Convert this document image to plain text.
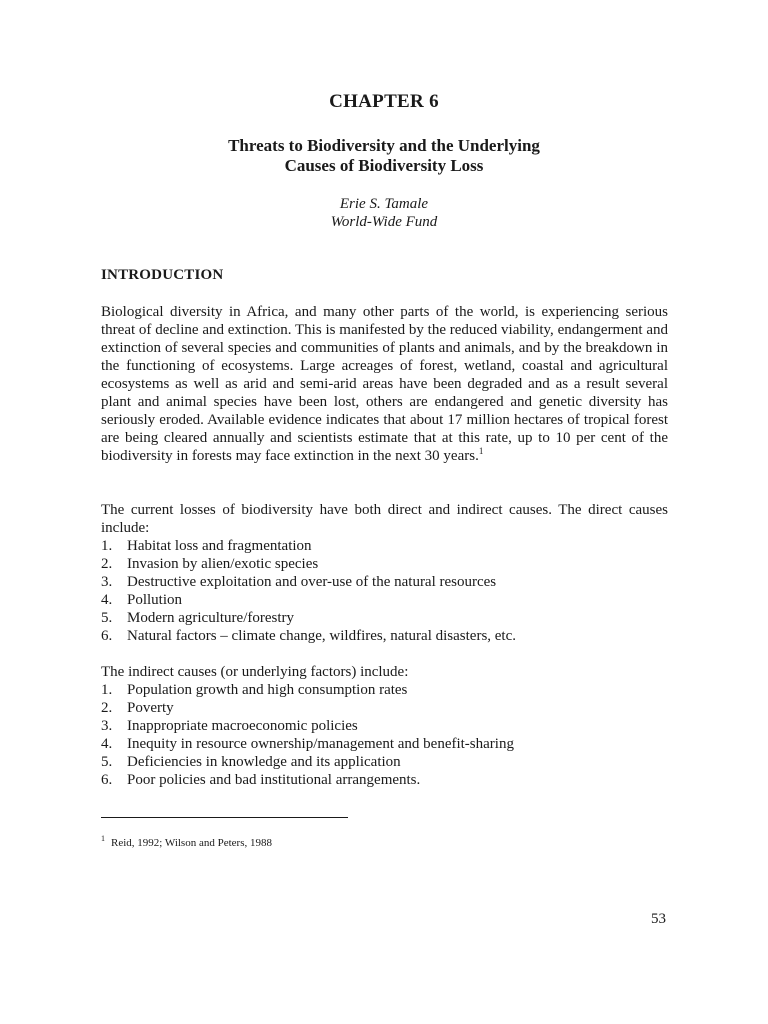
CHAPTER 6
Threats to Biodiversity and the Underlying
Causes of Biodiversity Loss
Erie S. Tamale
World-Wide Fund
INTRODUCTION
Biological diversity in Africa, and many other parts of the world, is experiencing serious threat of decline and extinction. This is manifested by the reduced viability, endangerment and extinction of several species and communities of plants and animals, and by the breakdown in the functioning of ecosystems. Large acreages of forest, wetland, coastal and agricultural ecosystems as well as arid and semi-arid areas have been degraded and as a result several plant and animal species have been lost, others are endangered and genetic diversity has seriously eroded. Available evidence indicates that about 17 million hectares of tropical forest are being cleared annually and scientists estimate that at this rate, up to 10 per cent of the biodiversity in forests may face extinction in the next 30 years.$^1$
The current losses of biodiversity have both direct and indirect causes. The direct causes include:
1. Habitat loss and fragmentation
2. Invasion by alien/exotic species
3. Destructive exploitation and over-use of the natural resources
4. Pollution
5. Modern agriculture/forestry
6. Natural factors – climate change, wildfires, natural disasters, etc.
The indirect causes (or underlying factors) include:
1. Population growth and high consumption rates
2. Poverty
3. Inappropriate macroeconomic policies
4. Inequity in resource ownership/management and benefit-sharing
5. Deficiencies in knowledge and its application
6. Poor policies and bad institutional arrangements.
$^1$ Reid, 1992; Wilson and Peters, 1988
53
